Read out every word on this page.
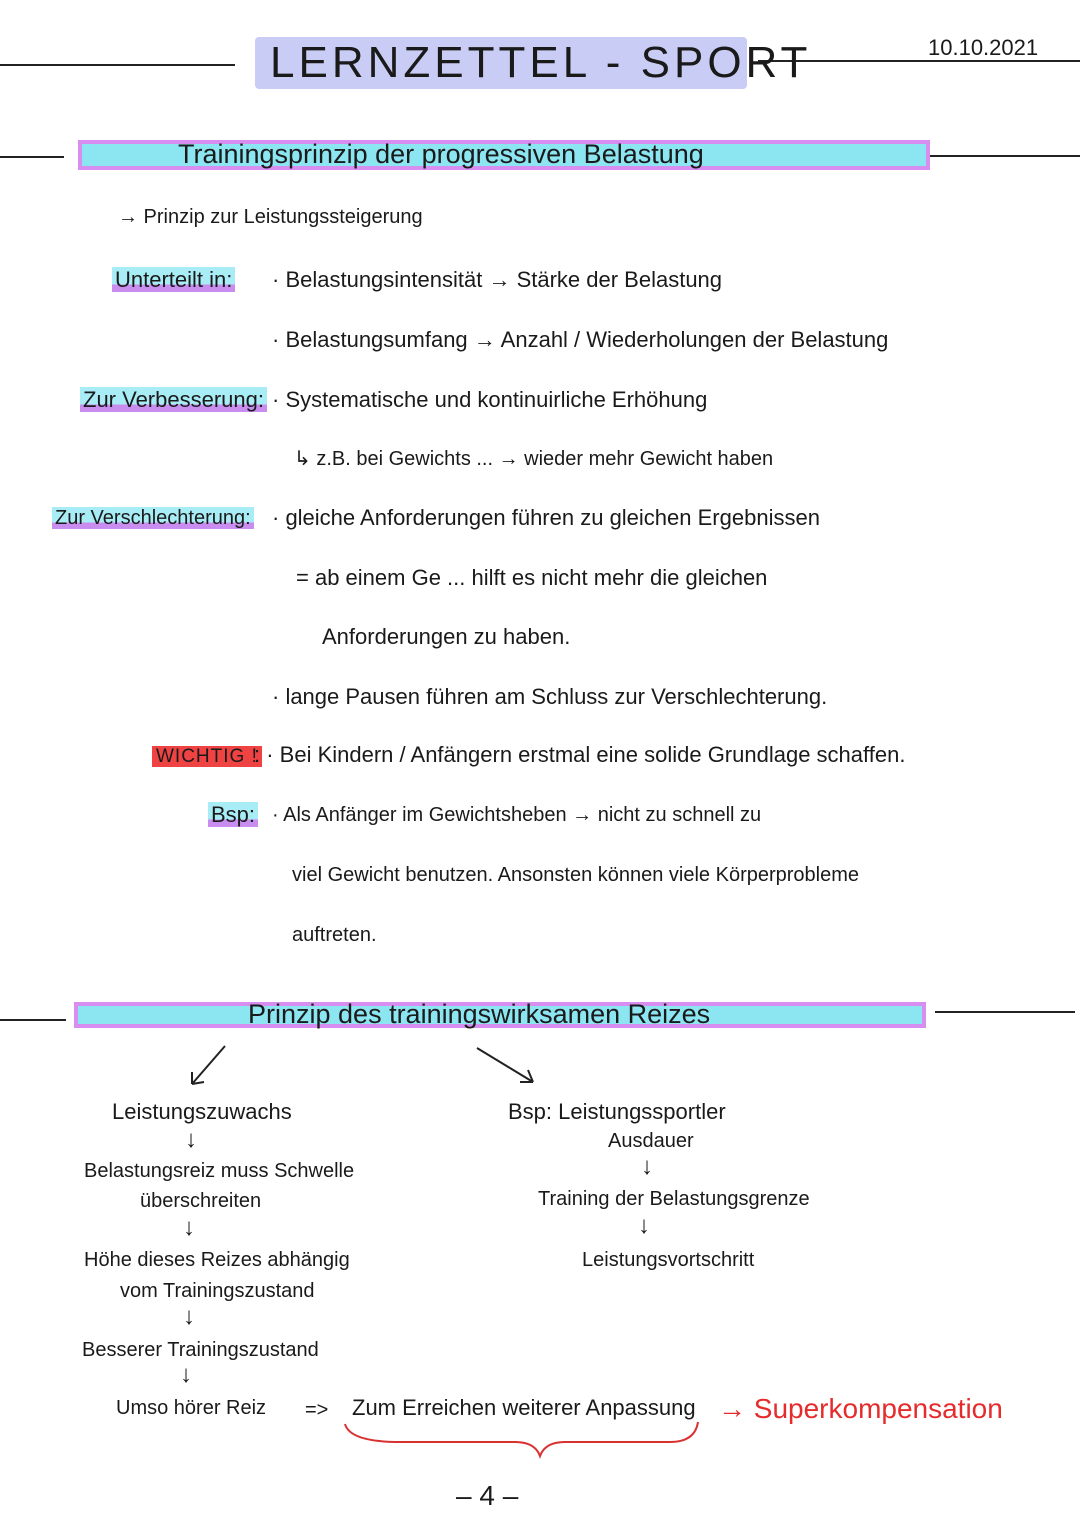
LERNZETTEL - SPORT	10.10.2021
Trainingsprinzip der progressiven Belastung
→ Prinzip zur Leistungssteigerung
Unterteilt in: · Belastungsintensität → Stärke der Belastung
· Belastungsumfang → Anzahl / Wiederholungen der Belastung
Zur Verbesserung: · Systematische und kontinuirliche Erhöhung
↳ z.B. bei Gewichts ... → wieder mehr Gewicht haben
Zur Verschlechterung: · gleiche Anforderungen führen zu gleichen Ergebnissen
= ab einem Ge ... hilft es nicht mehr die gleichen
Anforderungen zu haben.
· lange Pausen führen am Schluss zur Verschlechterung.
WICHTIG !
: · Bei Kindern / Anfängern erstmal eine solide Grundlage schaffen.
Bsp: · Als Anfänger im Gewichtsheben → nicht zu schnell zu
viel Gewicht benutzen. Ansonsten können viele Körperprobleme
auftreten.
Prinzip des trainingswirksamen Reizes
Leistungszuwachs
↓
Belastungsreiz muss Schwelle
überschreiten
↓
Höhe dieses Reizes abhängig
vom Trainingszustand
↓
Besserer Trainingszustand
↓
Umso hörer Reiz
Bsp: Leistungssportler
Ausdauer
↓
Training der Belastungsgrenze
↓
Leistungsvortschritt
=> Zum Erreichen weiterer Anpassung → Superkompensation
– 4 –
